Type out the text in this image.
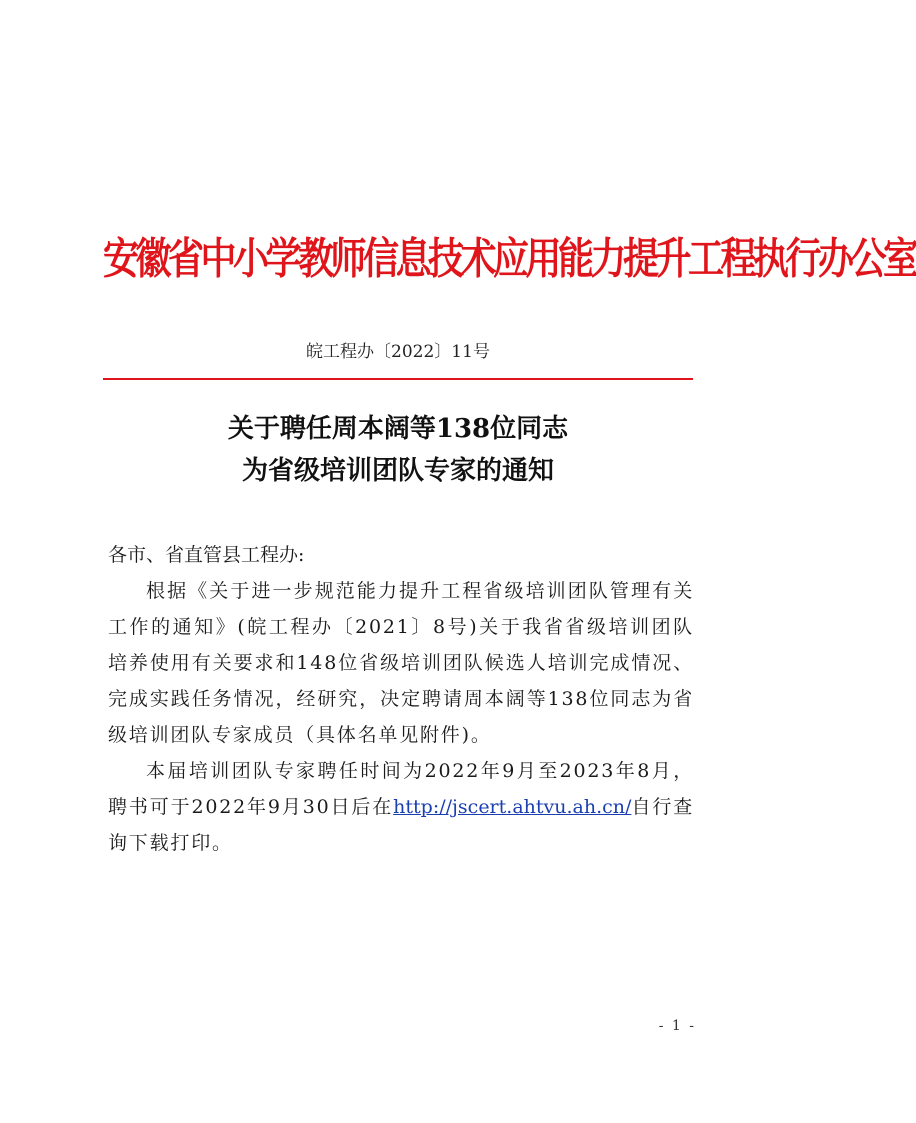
安徽省中小学教师信息技术应用能力提升工程执行办公室
皖工程办〔2022〕11号
关于聘任周本阔等138位同志
为省级培训团队专家的通知

各市、省直管县工程办:

根据《关于进一步规范能力提升工程省级培训团队管理有关工作的通知》(皖工程办〔2021〕8号)关于我省省级培训团队培养使用有关要求和148位省级培训团队候选人培训完成情况、完成实践任务情况，经研究，决定聘请周本阔等138位同志为省级培训团队专家成员（具体名单见附件)。

本届培训团队专家聘任时间为2022年9月至2023年8月，聘书可于2022年9月30日后在http://jscert.ahtvu.ah.cn/自行查询下载打印。

- 1 -
